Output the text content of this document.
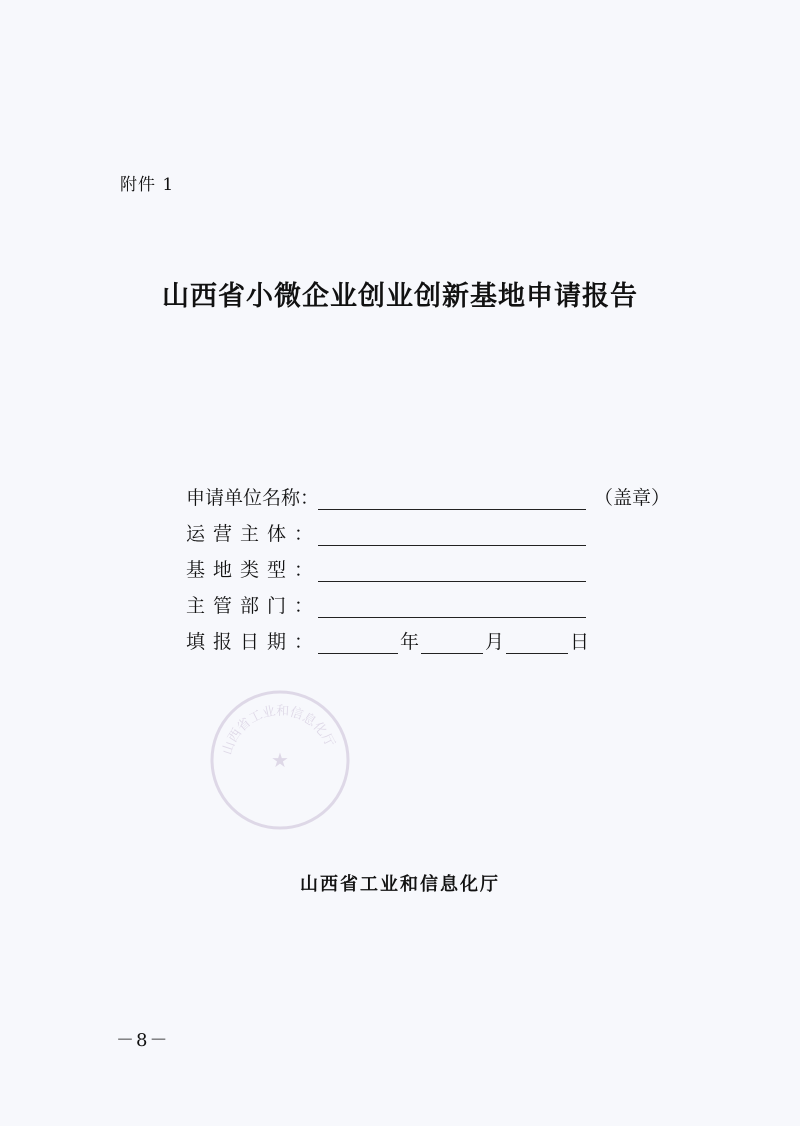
附件 1
山西省小微企业创业创新基地申请报告
申请单位名称：	（盖章）
运营主体：
基地类型：
主管部门：
填报日期：	年	月	日
山西省工业和信息化厅
★
山西省工业和信息化厅
－8－
